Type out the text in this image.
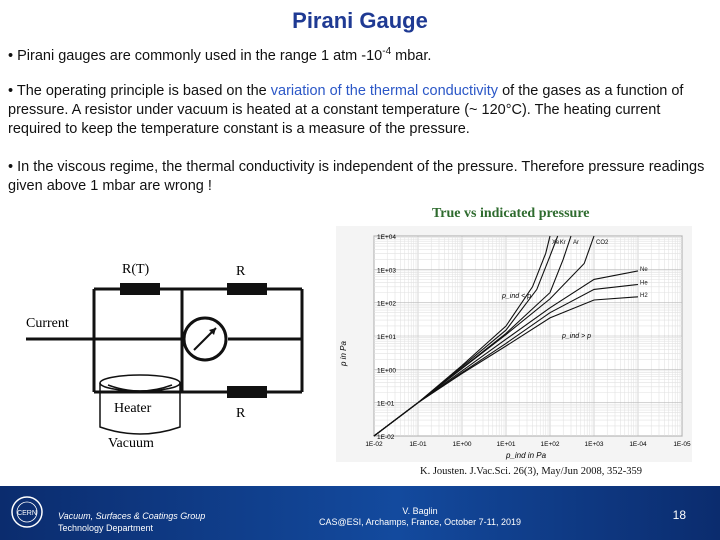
Pirani Gauge
• Pirani gauges are commonly used in the range 1 atm $-10^{-4}$ mbar.
• The operating principle is based on the variation of the thermal conductivity of the gases as a function of pressure. A resistor under vacuum is heated at a constant temperature (~ 120°C). The heating current required to keep the temperature constant is a measure of the pressure.
• In the viscous regime, the thermal conductivity is independent of the pressure. Therefore pressure readings given above 1 mbar are wrong !
R(T)	R
R
Current
Heater
Vacuum
True vs indicated pressure
Xe Kr Ar	CO2
Ne
He
H2
1E-02	1E-01	1E+00	1E+01	1E+02	1E+03	1E-04	1E-05
1E+04
1E+03
1E+02
1E+01
1E+00
1E-01
1E-02
p_ind in Pa
p in Pa
p_ind < p
p_ind > p
K. Jousten. J.Vac.Sci. 26(3), May/Jun 2008, 352-359
CERN Vacuum, Surfaces & Coatings Group
Technology Department
V. Baglin
CAS@ESI, Archamps, France, October 7-11, 2019	18
